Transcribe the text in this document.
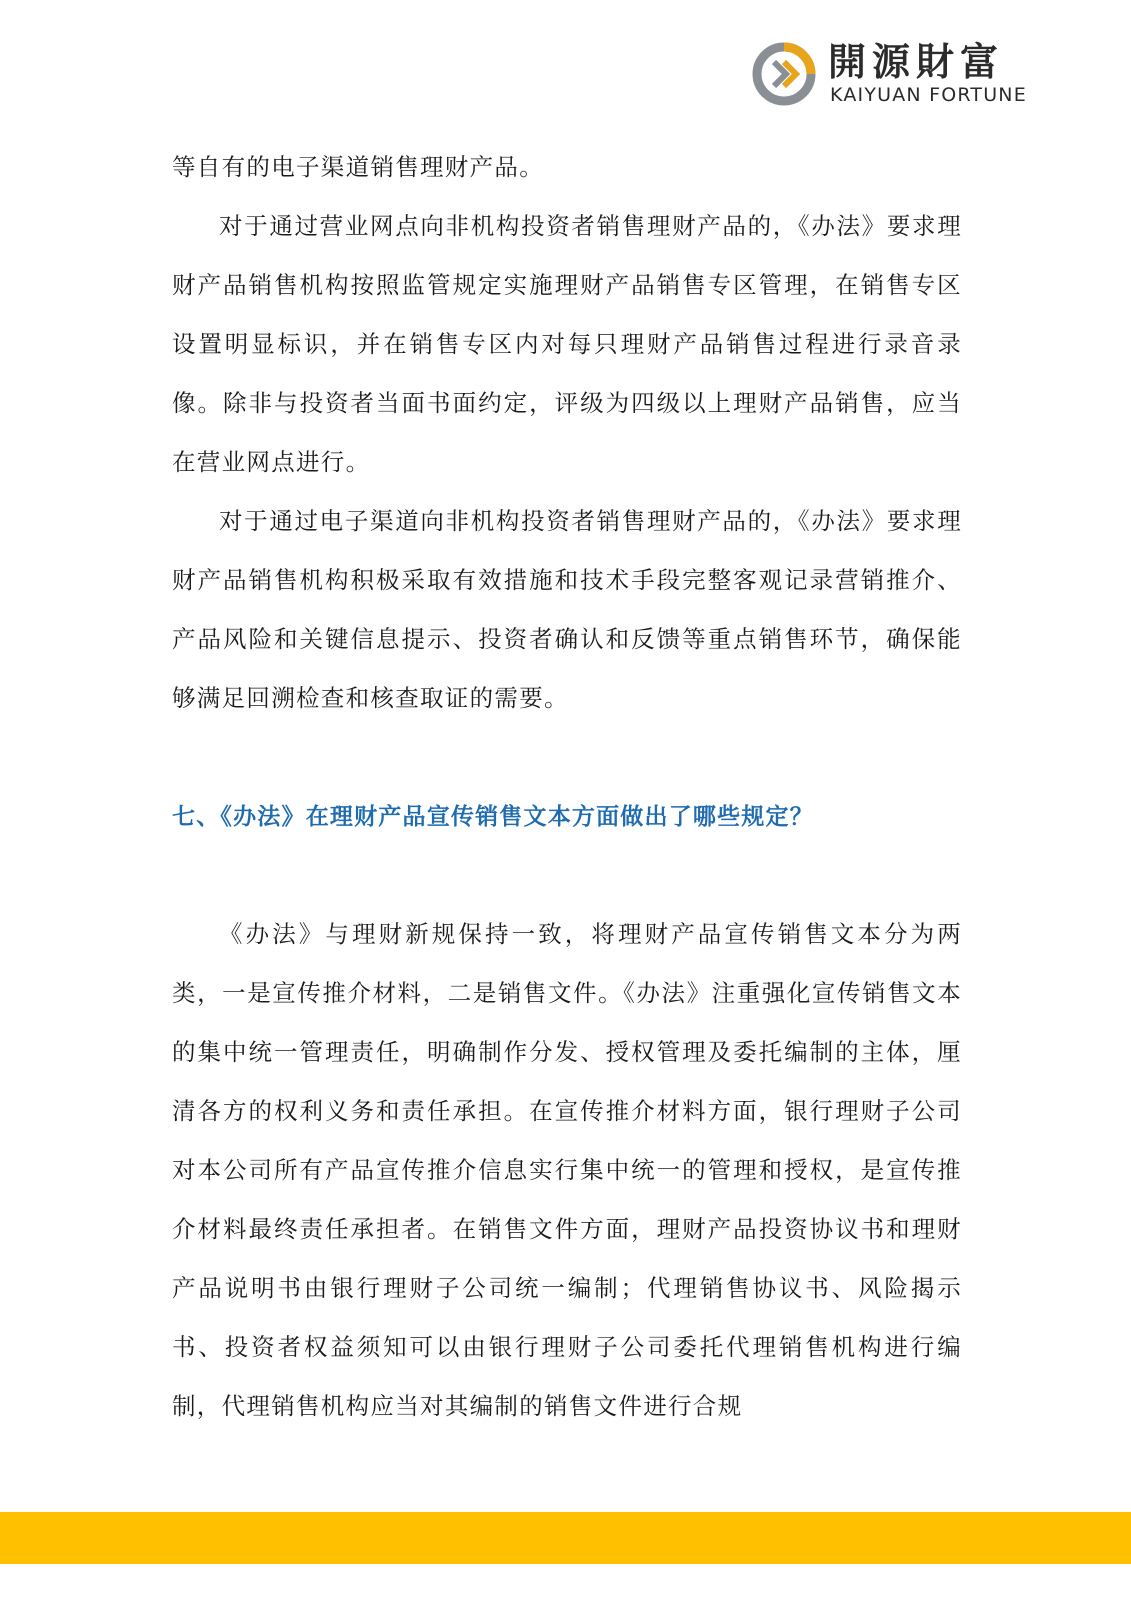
開源財富
KAIYUAN FORTUNE

等自有的电子渠道销售理财产品。

对于通过营业网点向非机构投资者销售理财产品的，《办法》要求理财产品销售机构按照监管规定实施理财产品销售专区管理，在销售专区设置明显标识，并在销售专区内对每只理财产品销售过程进行录音录像。除非与投资者当面书面约定，评级为四级以上理财产品销售，应当在营业网点进行。

对于通过电子渠道向非机构投资者销售理财产品的，《办法》要求理财产品销售机构积极采取有效措施和技术手段完整客观记录营销推介、产品风险和关键信息提示、投资者确认和反馈等重点销售环节，确保能够满足回溯检查和核查取证的需要。

七、《办法》在理财产品宣传销售文本方面做出了哪些规定？

《办法》与理财新规保持一致，将理财产品宣传销售文本分为两类，一是宣传推介材料，二是销售文件。《办法》注重强化宣传销售文本的集中统一管理责任，明确制作分发、授权管理及委托编制的主体，厘清各方的权利义务和责任承担。在宣传推介材料方面，银行理财子公司对本公司所有产品宣传推介信息实行集中统一的管理和授权，是宣传推介材料最终责任承担者。在销售文件方面，理财产品投资协议书和理财产品说明书由银行理财子公司统一编制；代理销售协议书、风险揭示书、投资者权益须知可以由银行理财子公司委托代理销售机构进行编制，代理销售机构应当对其编制的销售文件进行合规
